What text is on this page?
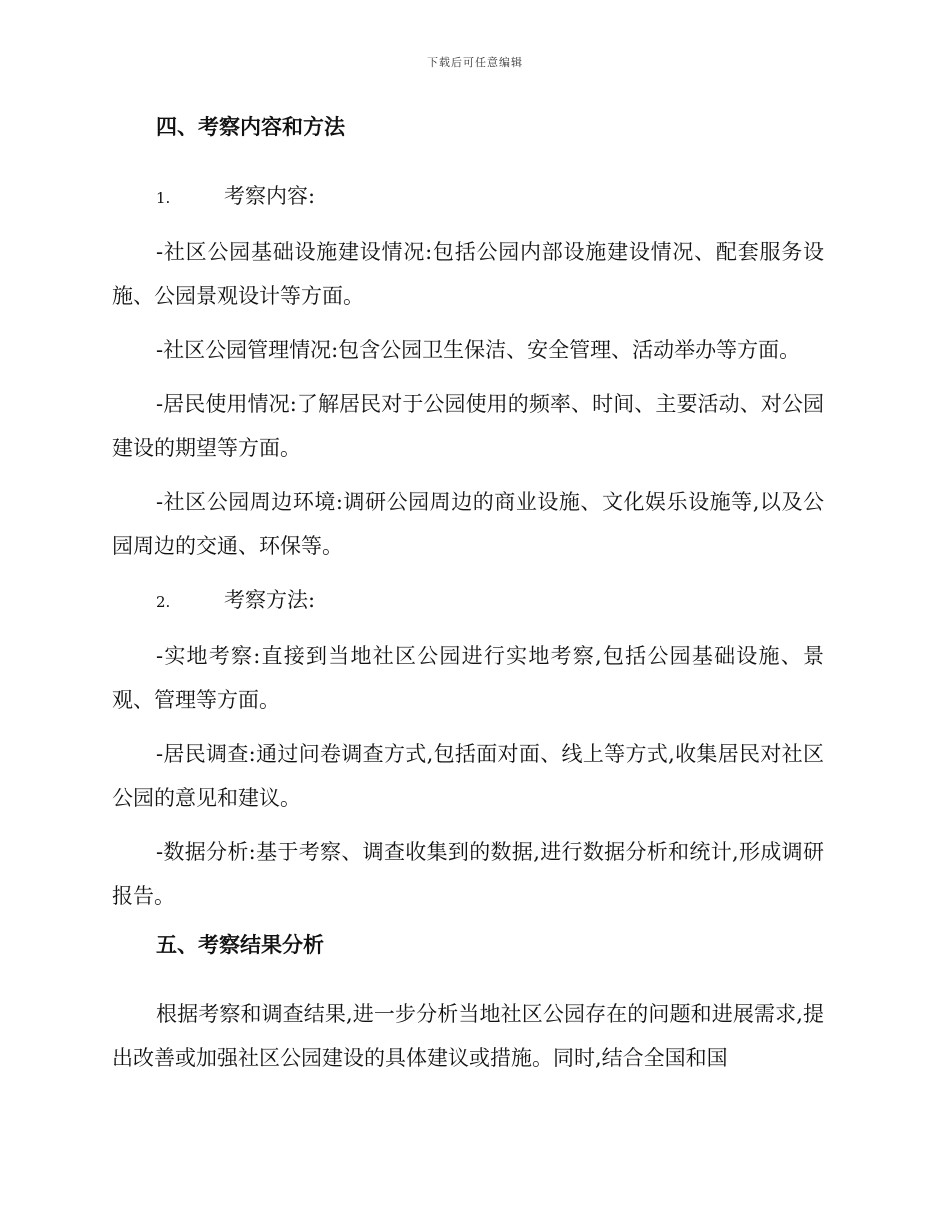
下载后可任意编辑
四、考察内容和方法
1.	考察内容:

-社区公园基础设施建设情况:包括公园内部设施建设情况、配套服务设施、公园景观设计等方面。

-社区公园管理情况:包含公园卫生保洁、安全管理、活动举办等方面。

-居民使用情况:了解居民对于公园使用的频率、时间、主要活动、对公园建设的期望等方面。

-社区公园周边环境:调研公园周边的商业设施、文化娱乐设施等,以及公园周边的交通、环保等。

2.	考察方法:

-实地考察:直接到当地社区公园进行实地考察,包括公园基础设施、景观、管理等方面。

-居民调查:通过问卷调查方式,包括面对面、线上等方式,收集居民对社区公园的意见和建议。

-数据分析:基于考察、调查收集到的数据,进行数据分析和统计,形成调研报告。

五、考察结果分析

根据考察和调查结果,进一步分析当地社区公园存在的问题和进展需求,提出改善或加强社区公园建设的具体建议或措施。同时,结合全国和国
